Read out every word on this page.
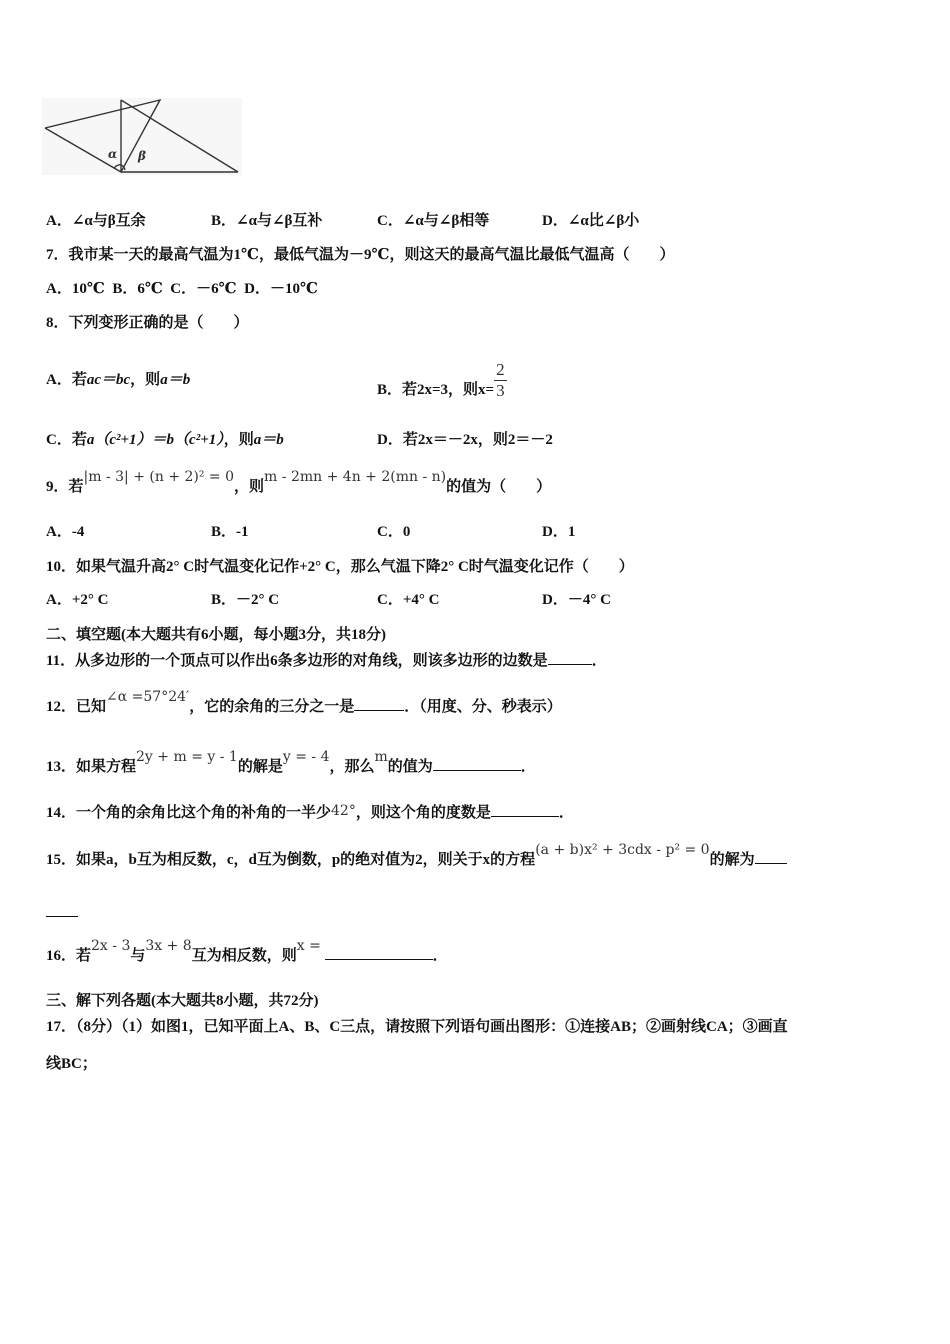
α β
A．∠α与β互余	B．∠α与∠β互补	C．∠α与∠β相等	D．∠α比∠β小
7．我市某一天的最高气温为1℃，最低气温为－9℃，则这天的最高气温比最低气温高（　　）
A．10℃ B．6℃ C．－6℃ D．－10℃
8．下列变形正确的是（　　）
A．若ac＝bc，则a＝b
B．若2x=3，则$x= \frac{2}{3}$
C．若a（c²+1）＝b（c²+1），则a＝b	D．若2x＝－2x，则2＝－2
9．若|m - 3| + (n + 2)² = 0，则m - 2mn + 4n + 2(mn - n)的值为（　　）
A．-4	B．-1	C．0	D．1
10．如果气温升高2° C时气温变化记作+2° C，那么气温下降2° C时气温变化记作（　　）
A．+2° C	B．－2° C	C．+4° C	D．－4° C
二、填空题(本大题共有6小题，每小题3分，共18分)
11．从多边形的一个顶点可以作出6条多边形的对角线，则该多边形的边数是	．
12．已知∠α =57°24′，它的余角的三分之一是	．（用度、分、秒表示）
13．如果方程2y + m = y - 1的解是y = - 4，那么m的值为	．
14．一个角的余角比这个角的补角的一半少42°，则这个角的度数是	．
15．如果a，b互为相反数，c，d互为倒数，p的绝对值为2，则关于x的方程(a + b)x² + 3cdx - p² = 0的解为
16．若2x - 3与3x + 8互为相反数，则x = ．
三、解下列各题(本大题共8小题，共72分)
17．（8分）（1）如图1，已知平面上A、B、C三点，请按照下列语句画出图形：①连接AB；②画射线CA；③画直
线BC；
